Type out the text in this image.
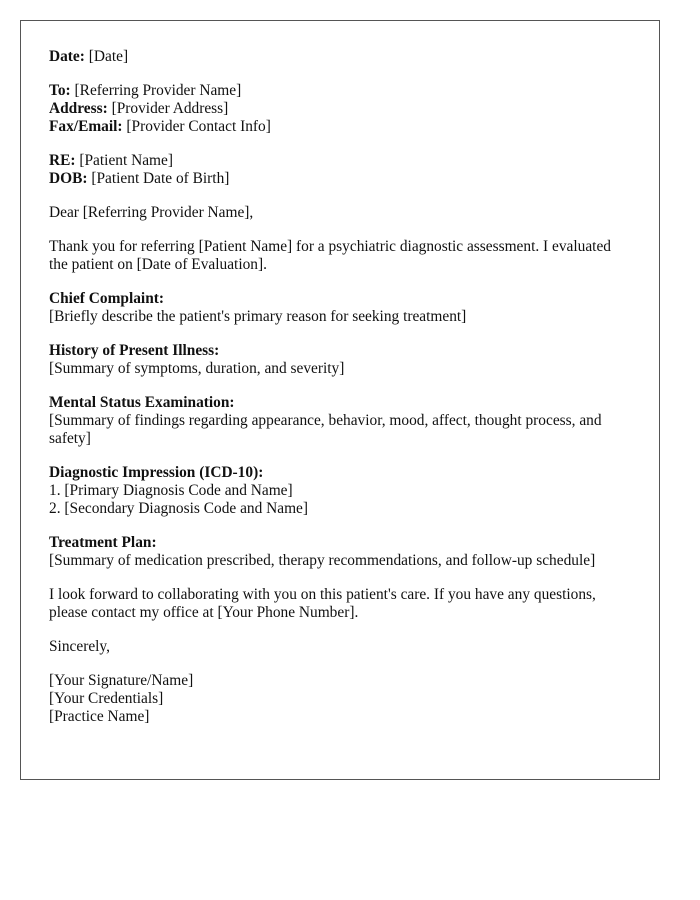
Date: [Date]
To: [Referring Provider Name]
Address: [Provider Address]
Fax/Email: [Provider Contact Info]
RE: [Patient Name]
DOB: [Patient Date of Birth]

Dear [Referring Provider Name],

Thank you for referring [Patient Name] for a psychiatric diagnostic assessment. I evaluated the patient on [Date of Evaluation].

Chief Complaint:
[Briefly describe the patient's primary reason for seeking treatment]
History of Present Illness:
[Summary of symptoms, duration, and severity]
Mental Status Examination:
[Summary of findings regarding appearance, behavior, mood, affect, thought process, and safety]
Diagnostic Impression (ICD-10):
1. [Primary Diagnosis Code and Name]
2. [Secondary Diagnosis Code and Name]
Treatment Plan:
[Summary of medication prescribed, therapy recommendations, and follow-up schedule]

I look forward to collaborating with you on this patient's care. If you have any questions, please contact my office at [Your Phone Number].

Sincerely,

[Your Signature/Name]
[Your Credentials]
[Practice Name]
